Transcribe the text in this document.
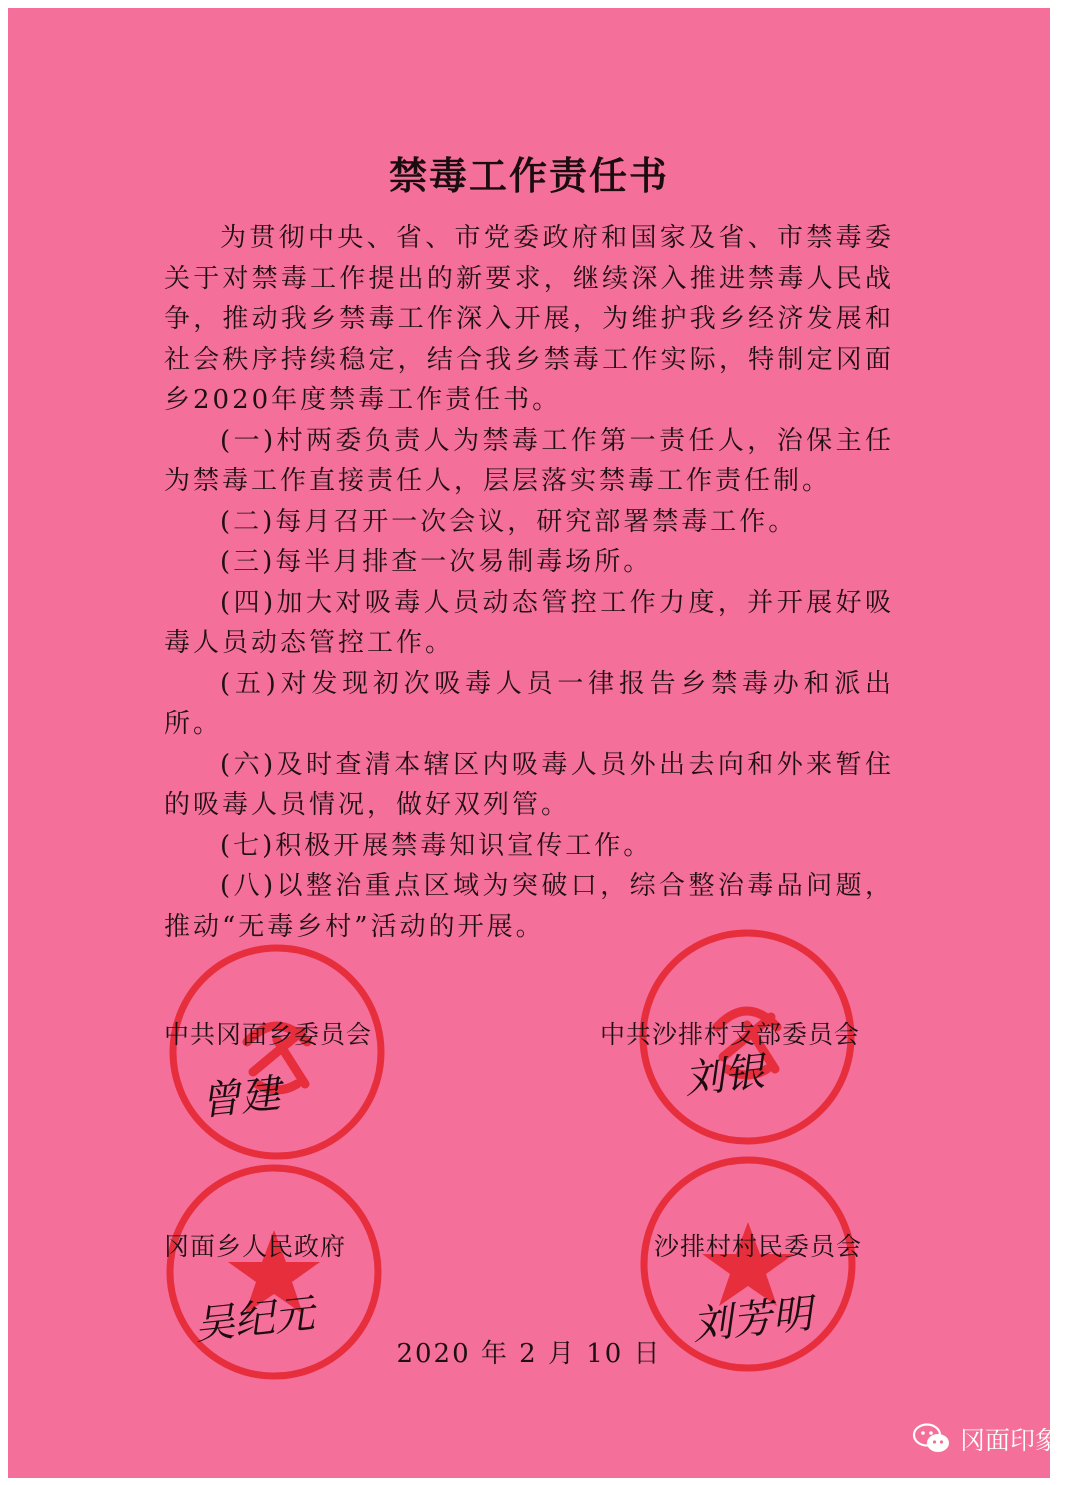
禁毒工作责任书

为贯彻中央、省、市党委政府和国家及省、市禁毒委关于对禁毒工作提出的新要求，继续深入推进禁毒人民战争，推动我乡禁毒工作深入开展，为维护我乡经济发展和社会秩序持续稳定，结合我乡禁毒工作实际，特制定冈面乡2020年度禁毒工作责任书。

(一)村两委负责人为禁毒工作第一责任人，治保主任为禁毒工作直接责任人，层层落实禁毒工作责任制。

(二)每月召开一次会议，研究部署禁毒工作。

(三)每半月排查一次易制毒场所。

(四)加大对吸毒人员动态管控工作力度，并开展好吸毒人员动态管控工作。

(五)对发现初次吸毒人员一律报告乡禁毒办和派出所。

(六)及时查清本辖区内吸毒人员外出去向和外来暂住的吸毒人员情况，做好双列管。

(七)积极开展禁毒知识宣传工作。

(八)以整治重点区域为突破口，综合整治毒品问题，推动“无毒乡村”活动的开展。

中共冈面乡委员会
曾建
中共沙排村支部委员会
刘银
冈面乡人民政府
吴纪元
沙排村村民委员会
刘芳明
2020 年 2 月 10 日
冈面印象
